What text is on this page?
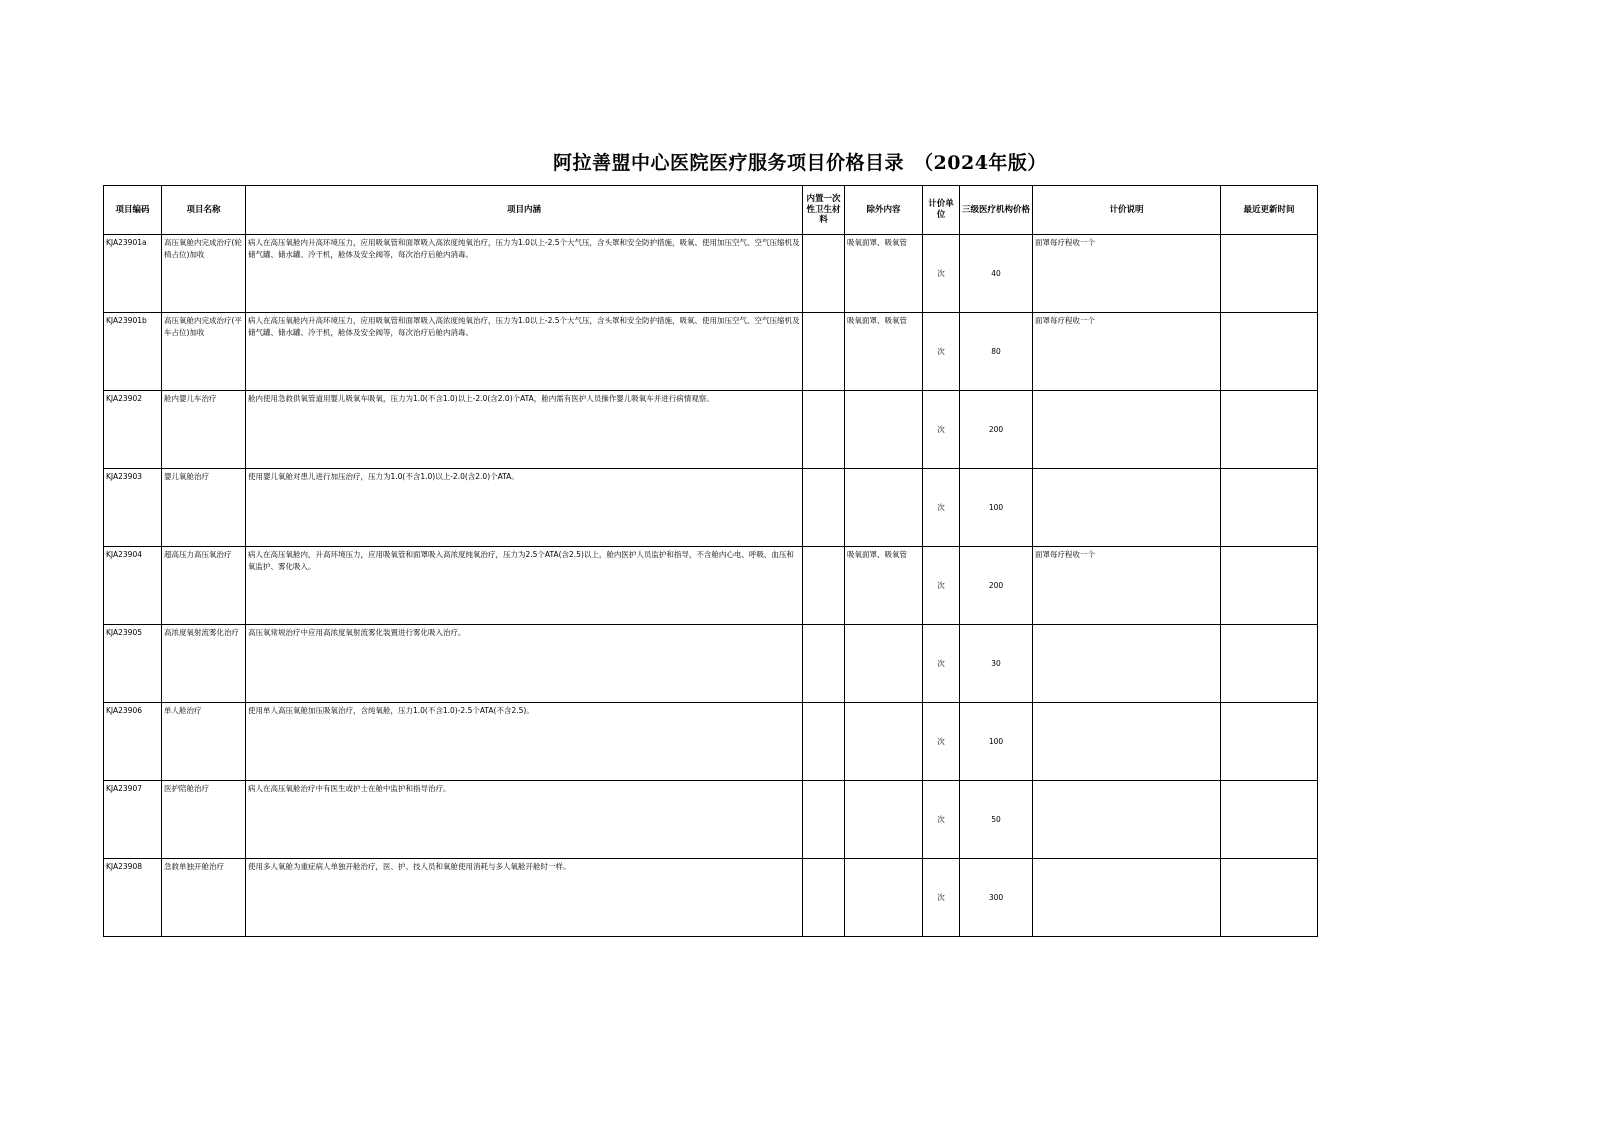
阿拉善盟中心医院医疗服务项目价格目录　（2024年版）
项目编码	项目名称	项目内涵	内置一次性卫生材料	除外内容	计价单位	三级医疗机构价格	计价说明	最近更新时间
KJA23901a	高压氧舱内完成治疗(轮椅占位)加收	病人在高压氧舱内升高环境压力，应用吸氧管和面罩吸入高浓度纯氧治疗，压力为1.0以上-2.5个大气压，含头罩和安全防护措施，吸氧、使用加压空气、空气压缩机及储气罐、储水罐、冷干机，舱体及安全阀等，每次治疗后舱内消毒。		吸氧面罩、吸氧管	次	40	面罩每疗程收一个	
KJA23901b	高压氧舱内完成治疗(平车占位)加收	病人在高压氧舱内升高环境压力，应用吸氧管和面罩吸入高浓度纯氧治疗，压力为1.0以上-2.5个大气压，含头罩和安全防护措施，吸氧、使用加压空气、空气压缩机及储气罐、储水罐、冷干机，舱体及安全阀等，每次治疗后舱内消毒。		吸氧面罩、吸氧管	次	80	面罩每疗程收一个	
KJA23902	舱内婴儿车治疗	舱内使用急救供氧管道用婴儿吸氧车吸氧，压力为1.0(不含1.0)以上-2.0(含2.0)个ATA，舱内需有医护人员操作婴儿吸氧车并进行病情观察。			次	200		
KJA23903	婴儿氧舱治疗	使用婴儿氧舱对患儿进行加压治疗，压力为1.0(不含1.0)以上-2.0(含2.0)个ATA。			次	100		
KJA23904	超高压力高压氧治疗	病人在高压氧舱内，升高环境压力，应用吸氧管和面罩吸入高浓度纯氧治疗，压力为2.5个ATA(含2.5)以上，舱内医护人员监护和指导，不含舱内心电、呼吸、血压和氧监护、雾化吸入。		吸氧面罩、吸氧管	次	200	面罩每疗程收一个	
KJA23905	高浓度氧射流雾化治疗	高压氧常规治疗中应用高浓度氧射流雾化装置进行雾化吸入治疗。			次	30		
KJA23906	单人舱治疗	使用单人高压氧舱加压吸氧治疗，含纯氧舱，压力1.0(不含1.0)-2.5个ATA(不含2.5)。			次	100		
KJA23907	医护陪舱治疗	病人在高压氧舱治疗中有医生或护士在舱中监护和指导治疗。			次	50		
KJA23908	急救单独开舱治疗	使用多人氧舱为重症病人单独开舱治疗，医、护、技人员和氧舱使用消耗与多人氧舱开舱时一样。			次	300		
